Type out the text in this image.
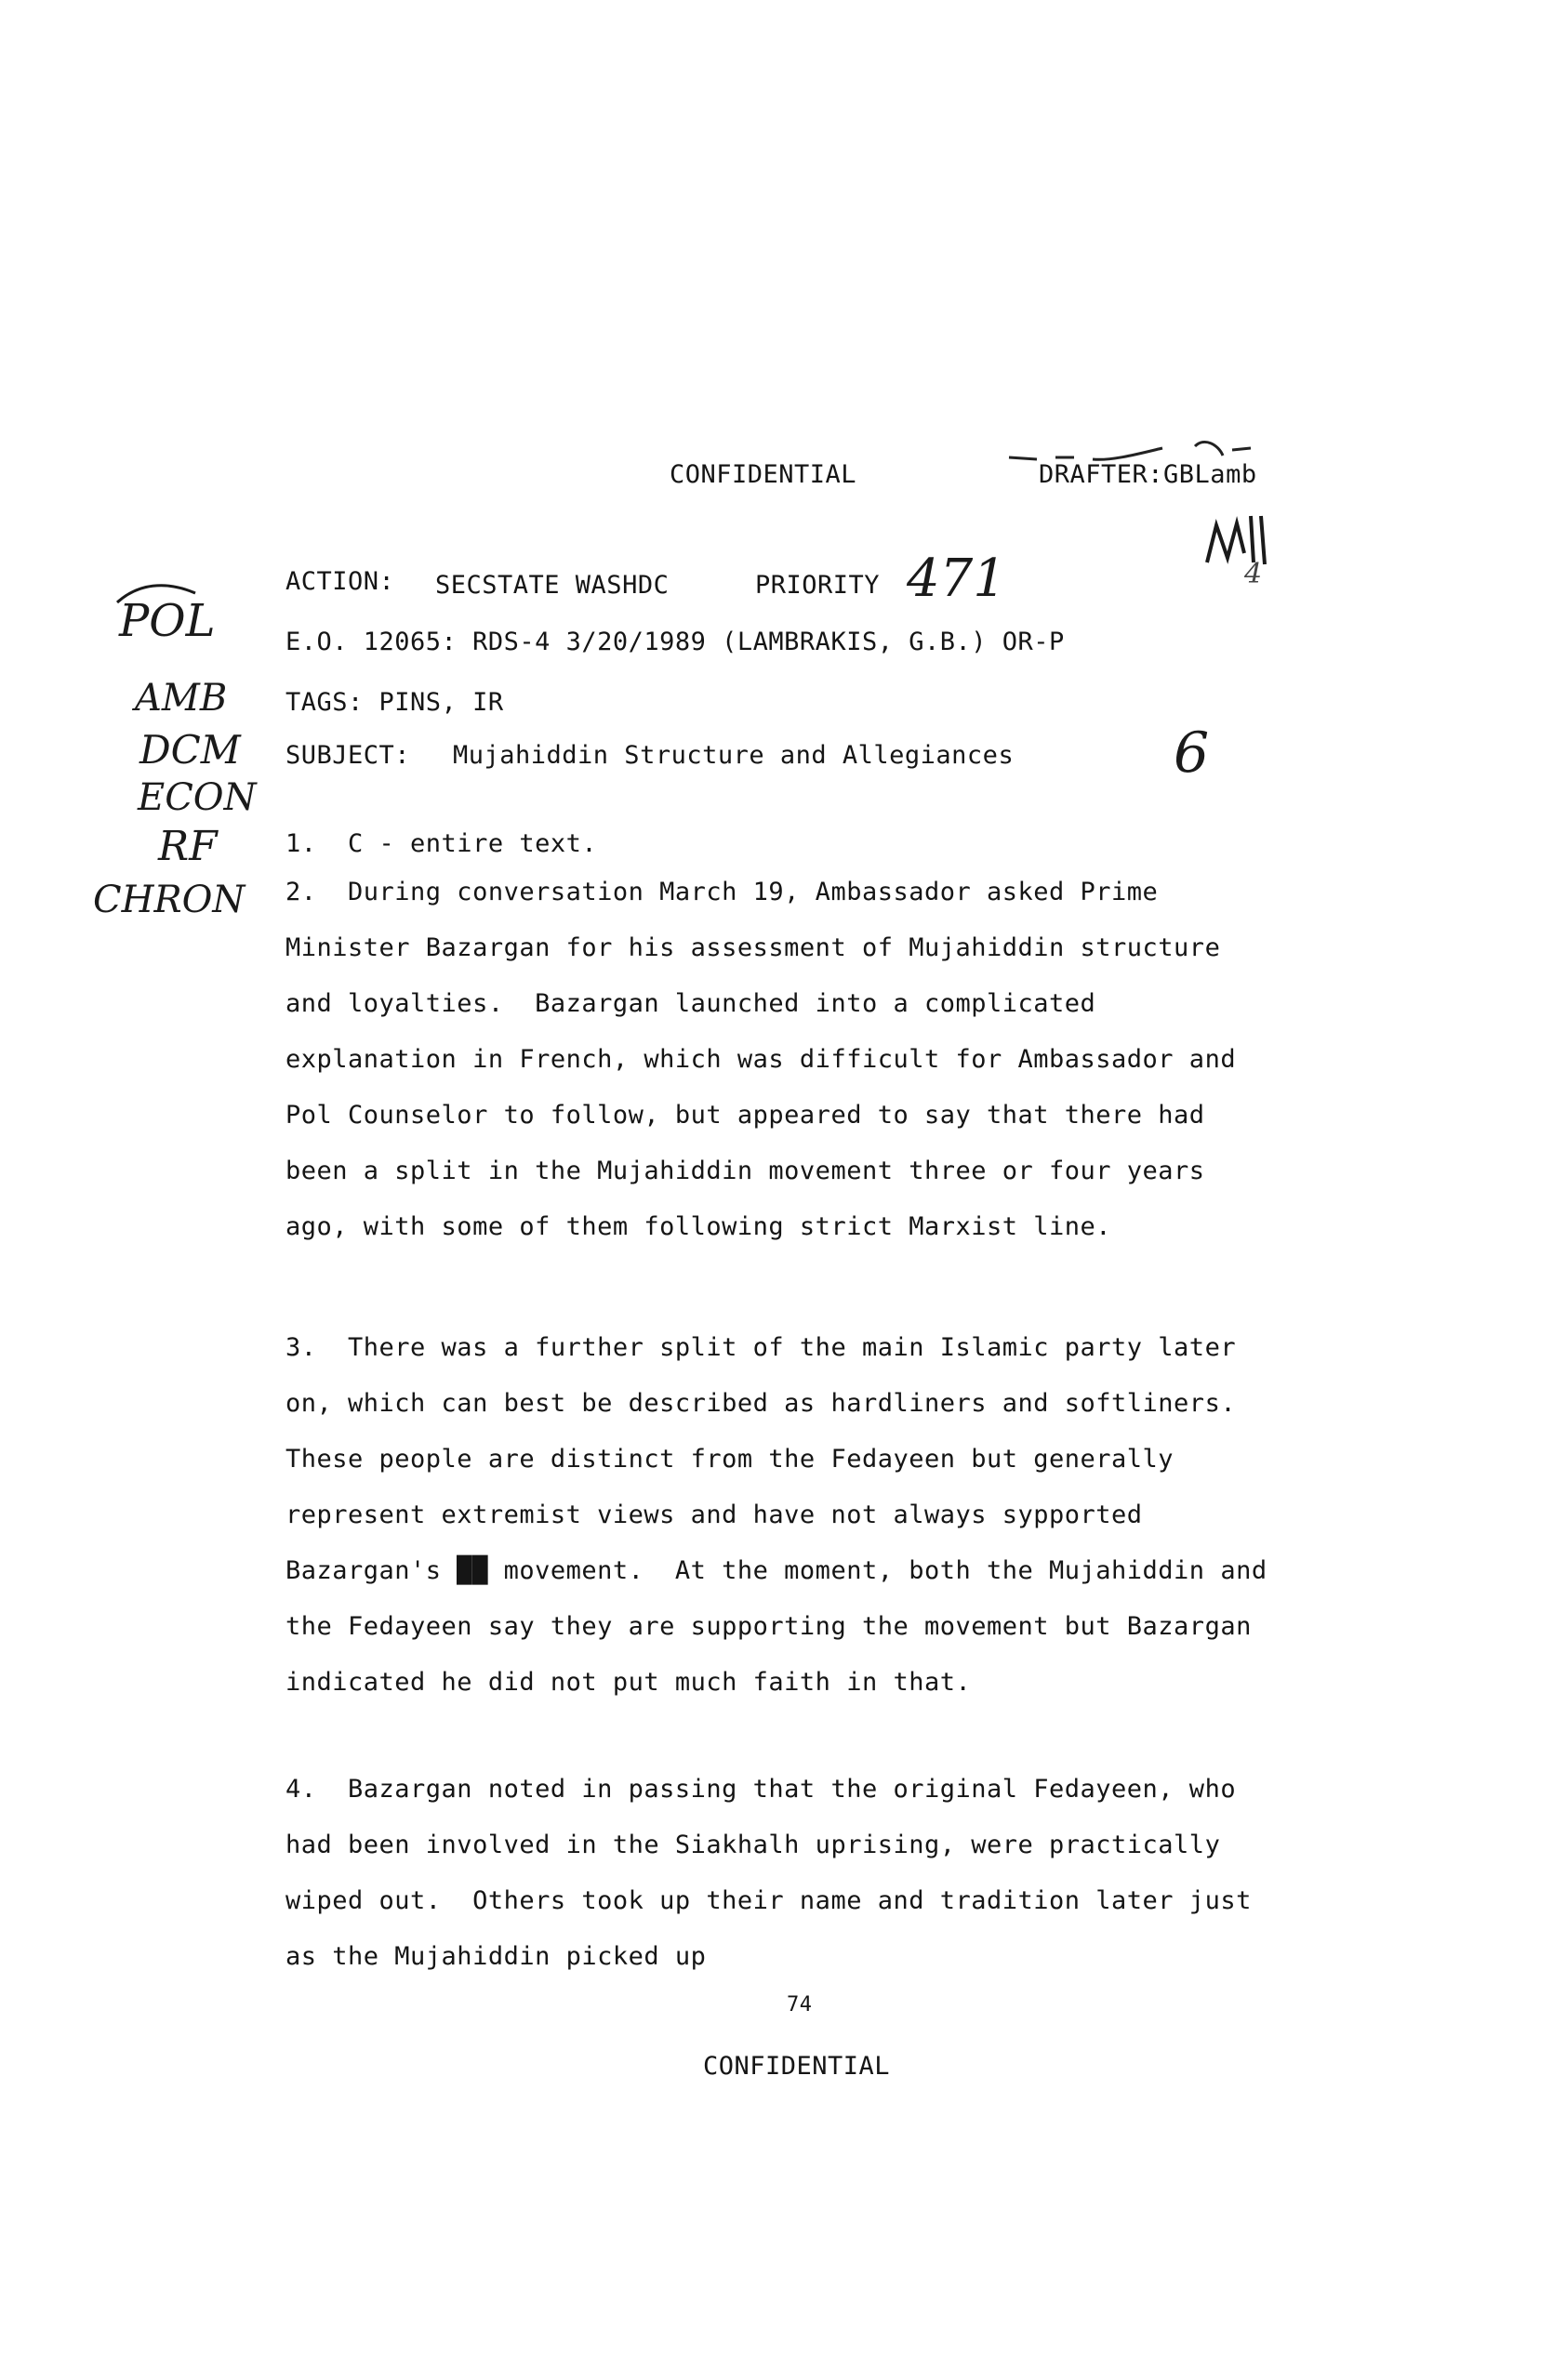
CONFIDENTIAL	DRAFTER:GBLamb
ACTION: SECSTATE WASHDC	PRIORITY 471
E.O. 12065: RDS-4 3/20/1989 (LAMBRAKIS, G.B.) OR-P
TAGS: PINS, IR
SUBJECT: Mujahiddin Structure and Allegiances	6
4
POL
AMB
DCM
ECON
RF
CHRON
1.  C - entire text.
2.  During conversation March 19, Ambassador asked Prime Minister Bazargan for his assessment of Mujahiddin structure and loyalties.  Bazargan launched into a complicated explanation in French, which was difficult for Ambassador and Pol Counselor to follow, but appeared to say that there had been a split in the Mujahiddin movement three or four years ago, with some of them following strict Marxist line.
3.  There was a further split of the main Islamic party later on, which can best be described as hardliners and softliners.  These people are distinct from the Fedayeen but generally represent extremist views and have not always sypported Bazargan's ██ movement.  At the moment, both the Mujahiddin and the Fedayeen say they are supporting the movement but Bazargan indicated he did not put much faith in that.
4.  Bazargan noted in passing that the original Fedayeen, who had been involved in the Siakhalh uprising, were practically wiped out.  Others took up their name and tradition later just as the Mujahiddin picked up
74
CONFIDENTIAL
